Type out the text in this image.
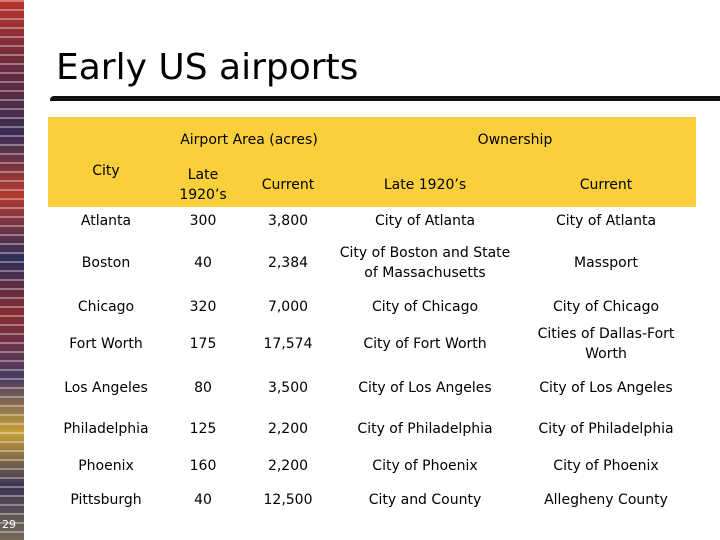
29
Early US airports
City	Airport Area (acres)		Ownership	
	Late 1920’s	Current	Late 1920’s	Current
Atlanta	300	3,800	City of Atlanta	City of Atlanta
Boston	40	2,384	City of Boston and State of Massachusetts	Massport
Chicago	320	7,000	City of Chicago	City of Chicago
Fort Worth	175	17,574	City of Fort Worth	Cities of Dallas-Fort Worth
Los Angeles	80	3,500	City of Los Angeles	City of Los Angeles
Philadelphia	125	2,200	City of Philadelphia	City of Philadelphia
Phoenix	160	2,200	City of Phoenix	City of Phoenix
Pittsburgh	40	12,500	City and County	Allegheny County
